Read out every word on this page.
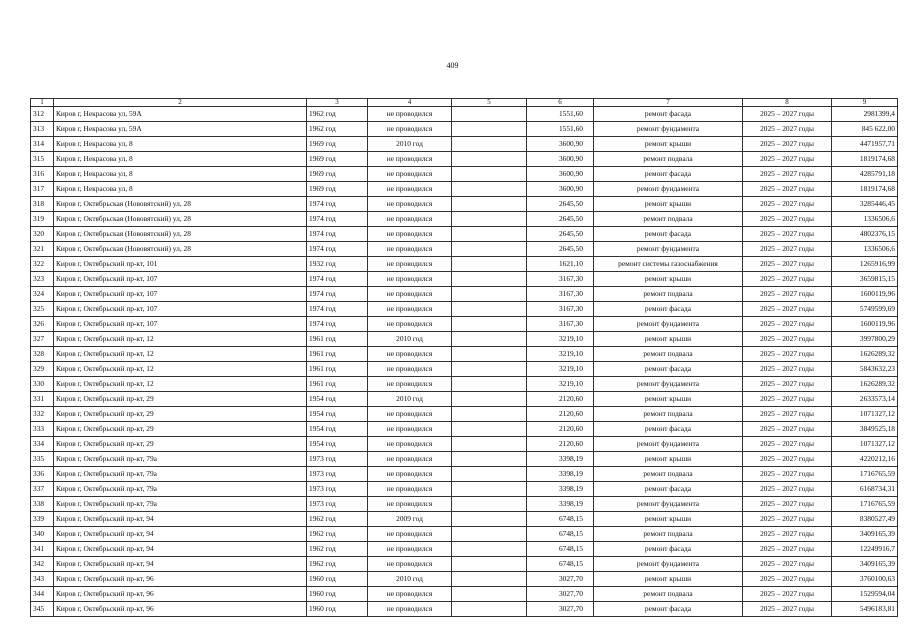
409
1	2	3	4	5	6	7	8	9
312	Киров г, Некрасова ул, 59А	1962 год	не проводился		1551,60	ремонт фасада	2025 – 2027 годы	2981399,4
313	Киров г, Некрасова ул, 59А	1962 год	не проводился		1551,60	ремонт фундамента	2025 – 2027 годы	845 622,00
314	Киров г, Некрасова ул, 8	1969 год	2010 год		3600,90	ремонт крыши	2025 – 2027 годы	4471957,71
315	Киров г, Некрасова ул, 8	1969 год	не проводился		3600,90	ремонт подвала	2025 – 2027 годы	1819174,68
316	Киров г, Некрасова ул, 8	1969 год	не проводился		3600,90	ремонт фасада	2025 – 2027 годы	4285791,18
317	Киров г, Некрасова ул, 8	1969 год	не проводился		3600,90	ремонт фундамента	2025 – 2027 годы	1819174,68
318	Киров г, Октябрьская (Нововятский) ул, 28	1974 год	не проводился		2645,50	ремонт крыши	2025 – 2027 годы	3285446,45
319	Киров г, Октябрьская (Нововятский) ул, 28	1974 год	не проводился		2645,50	ремонт подвала	2025 – 2027 годы	1336506,6
320	Киров г, Октябрьская (Нововятский) ул, 28	1974 год	не проводился		2645,50	ремонт фасада	2025 – 2027 годы	4802376,15
321	Киров г, Октябрьская (Нововятский) ул, 28	1974 год	не проводился		2645,50	ремонт фундамента	2025 – 2027 годы	1336506,6
322	Киров г, Октябрьский пр-кт, 101	1932 год	не проводился		1621,10	ремонт системы газоснабжения	2025 – 2027 годы	1265916,99
323	Киров г, Октябрьский пр-кт, 107	1974 год	не проводился		3167,30	ремонт крыши	2025 – 2027 годы	3659815,15
324	Киров г, Октябрьский пр-кт, 107	1974 год	не проводился		3167,30	ремонт подвала	2025 – 2027 годы	1600119,96
325	Киров г, Октябрьский пр-кт, 107	1974 год	не проводился		3167,30	ремонт фасада	2025 – 2027 годы	5749599,69
326	Киров г, Октябрьский пр-кт, 107	1974 год	не проводился		3167,30	ремонт фундамента	2025 – 2027 годы	1600119,96
327	Киров г, Октябрьский пр-кт, 12	1961 год	2010 год		3219,10	ремонт крыши	2025 – 2027 годы	3997800,29
328	Киров г, Октябрьский пр-кт, 12	1961 год	не проводился		3219,10	ремонт подвала	2025 – 2027 годы	1626289,32
329	Киров г, Октябрьский пр-кт, 12	1961 год	не проводился		3219,10	ремонт фасада	2025 – 2027 годы	5843632,23
330	Киров г, Октябрьский пр-кт, 12	1961 год	не проводился		3219,10	ремонт фундамента	2025 – 2027 годы	1626289,32
331	Киров г, Октябрьский пр-кт, 29	1954 год	2010 год		2120,60	ремонт крыши	2025 – 2027 годы	2633573,14
332	Киров г, Октябрьский пр-кт, 29	1954 год	не проводился		2120,60	ремонт подвала	2025 – 2027 годы	1071327,12
333	Киров г, Октябрьский пр-кт, 29	1954 год	не проводился		2120,60	ремонт фасада	2025 – 2027 годы	3849525,18
334	Киров г, Октябрьский пр-кт, 29	1954 год	не проводился		2120,60	ремонт фундамента	2025 – 2027 годы	1071327,12
335	Киров г, Октябрьский пр-кт, 79а	1973 год	не проводился		3398,19	ремонт крыши	2025 – 2027 годы	4220212,16
336	Киров г, Октябрьский пр-кт, 79а	1973 год	не проводился		3398,19	ремонт подвала	2025 – 2027 годы	1716765,59
337	Киров г, Октябрьский пр-кт, 79а	1973 год	не проводился		3398,19	ремонт фасада	2025 – 2027 годы	6168734,31
338	Киров г, Октябрьский пр-кт, 79а	1973 год	не проводился		3398,19	ремонт фундамента	2025 – 2027 годы	1716765,59
339	Киров г, Октябрьский пр-кт, 94	1962 год	2009 год		6748,15	ремонт крыши	2025 – 2027 годы	8380527,49
340	Киров г, Октябрьский пр-кт, 94	1962 год	не проводился		6748,15	ремонт подвала	2025 – 2027 годы	3409165,39
341	Киров г, Октябрьский пр-кт, 94	1962 год	не проводился		6748,15	ремонт фасада	2025 – 2027 годы	12249916,7
342	Киров г, Октябрьский пр-кт, 94	1962 год	не проводился		6748,15	ремонт фундамента	2025 – 2027 годы	3409165,39
343	Киров г, Октябрьский пр-кт, 96	1960 год	2010 год		3027,70	ремонт крыши	2025 – 2027 годы	3760100,63
344	Киров г, Октябрьский пр-кт, 96	1960 год	не проводился		3027,70	ремонт подвала	2025 – 2027 годы	1529594,04
345	Киров г, Октябрьский пр-кт, 96	1960 год	не проводился		3027,70	ремонт фасада	2025 – 2027 годы	5496183,81
